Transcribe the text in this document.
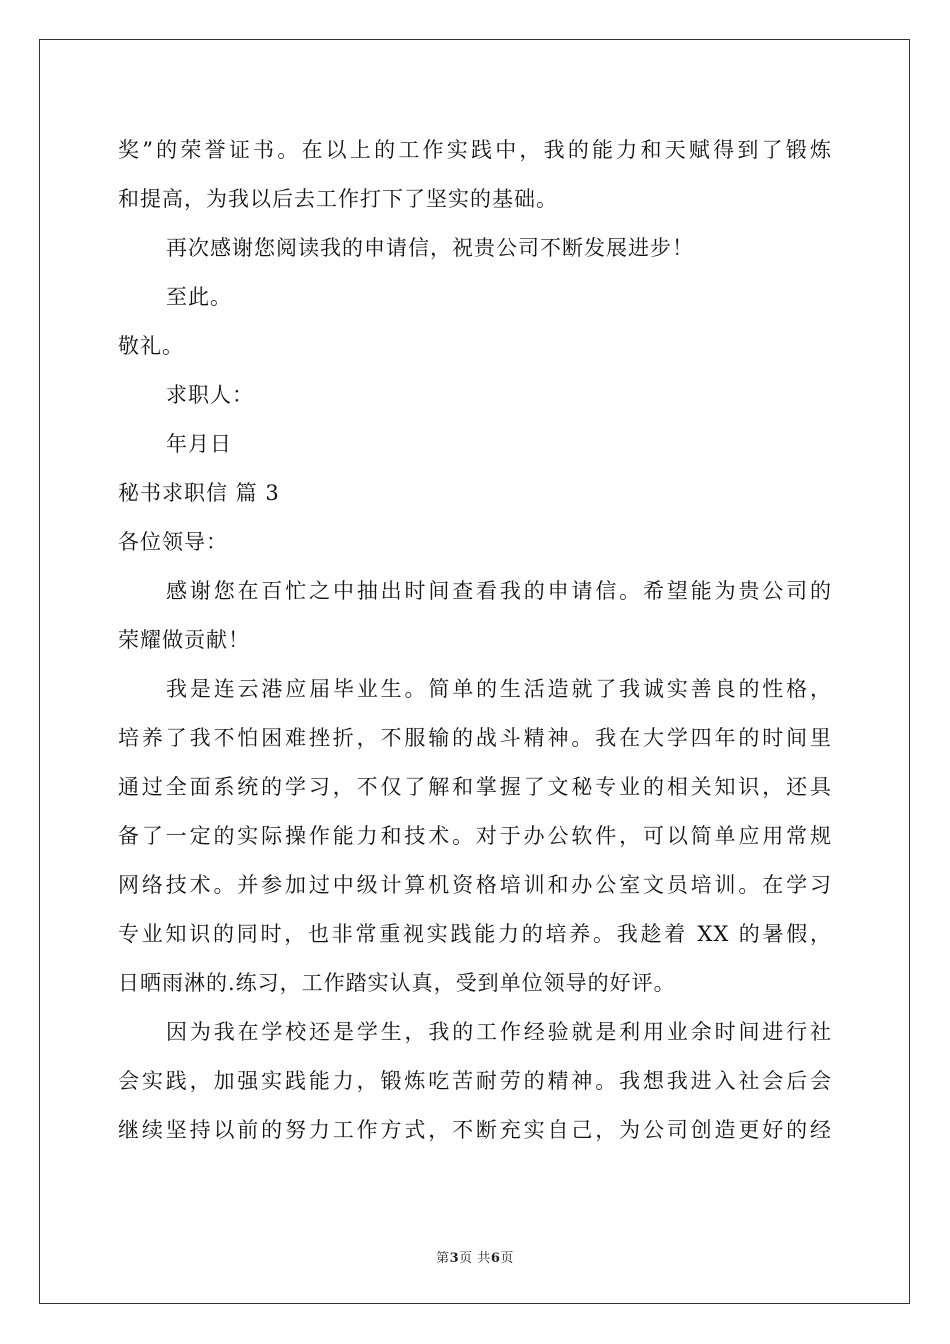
奖”的荣誉证书。在以上的工作实践中，我的能力和天赋得到了锻炼
和提高，为我以后去工作打下了坚实的基础。
再次感谢您阅读我的申请信，祝贵公司不断发展进步！
至此。
敬礼。
求职人：
年月日
秘书求职信 篇 3
各位领导：
感谢您在百忙之中抽出时间查看我的申请信。希望能为贵公司的
荣耀做贡献！
我是连云港应届毕业生。简单的生活造就了我诚实善良的性格，
培养了我不怕困难挫折，不服输的战斗精神。我在大学四年的时间里
通过全面系统的学习，不仅了解和掌握了文秘专业的相关知识，还具
备了一定的实际操作能力和技术。对于办公软件，可以简单应用常规
网络技术。并参加过中级计算机资格培训和办公室文员培训。在学习
专业知识的同时，也非常重视实践能力的培养。我趁着 XX 的暑假，
日晒雨淋的.练习，工作踏实认真，受到单位领导的好评。
因为我在学校还是学生，我的工作经验就是利用业余时间进行社
会实践，加强实践能力，锻炼吃苦耐劳的精神。我想我进入社会后会
继续坚持以前的努力工作方式，不断充实自己，为公司创造更好的经
第3页 共6页
